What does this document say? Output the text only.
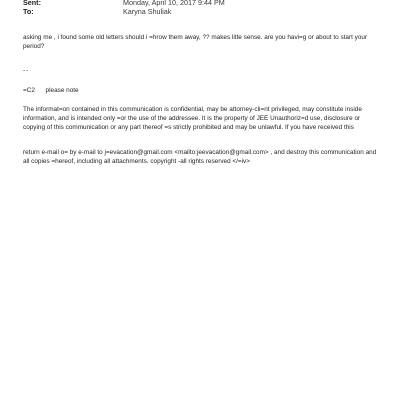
Sent:	Monday, April 10, 2017 9:44 PM
To:	Karyna Shuliak

asking me , i found some old letters should i =hrow them away, ?? makes litte sense. are you havi=g or about to start your period?

--

=C2      please note

The informat=on contained in this communication is confidential, may be attorney-cli=nt privileged, may constitute inside information, and is intended only =or the use of the addressee. It is the property of JEE Unauthoriz=d use, disclosure or copying of this communication or any part thereof =s strictly prohibited and may be unlawful. If you have received this

return e-mail o= by e-mail to j=evacation@gmail.com <mailto:jeevacation@gmail.com> , and destroy this communication and all copies =hereof, including all attachments. copyright -all rights reserved </=iv>
